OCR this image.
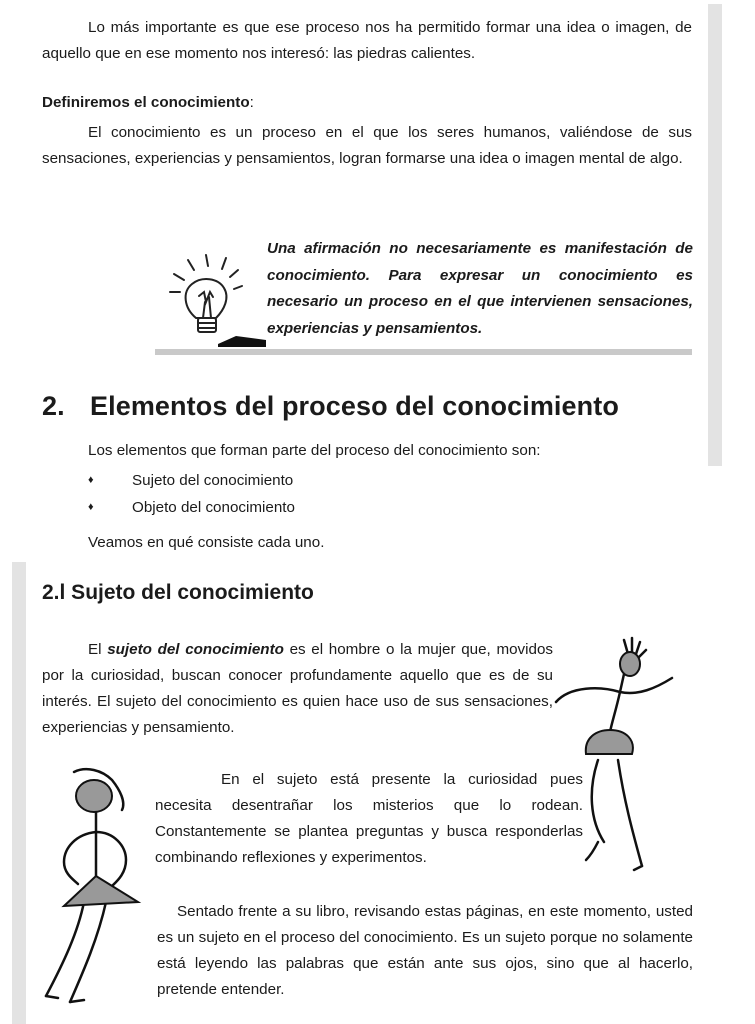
Lo más importante es que ese proceso nos ha permitido formar una idea o imagen, de aquello que en ese momento nos interesó: las piedras calientes.

Definiremos el conocimiento:

El conocimiento es un proceso en el que los seres humanos, valiéndose de sus sensaciones, experiencias y pensamientos, logran formarse una idea o imagen mental de algo.

Una afirmación no necesariamente es manifestación de conocimiento. Para expresar un conocimiento es necesario un proceso en el que intervienen sensaciones, experiencias y pensamientos.

2. Elementos del proceso del conocimiento

Los elementos que forman parte del proceso del conocimiento son:

♦	Sujeto del conocimiento
♦	Objeto del conocimiento

Veamos en qué consiste cada uno.

2.l Sujeto del conocimiento

El sujeto del conocimiento es el hombre o la mujer que, movidos por la curiosidad, buscan conocer profundamente aquello que es de su interés. El sujeto del conocimiento es quien hace uso de sus sensaciones, experiencias y pensamiento.

En el sujeto está presente la curiosidad pues necesita desentrañar los misterios que lo rodean. Constantemente se plantea preguntas y busca responderlas combinando reflexiones y experimentos.

Sentado frente a su libro, revisando estas páginas, en este momento, usted es un sujeto en el proceso del conocimiento. Es un sujeto porque no solamente está leyendo las palabras que están ante sus ojos, sino que al hacerlo, pretende entender.
